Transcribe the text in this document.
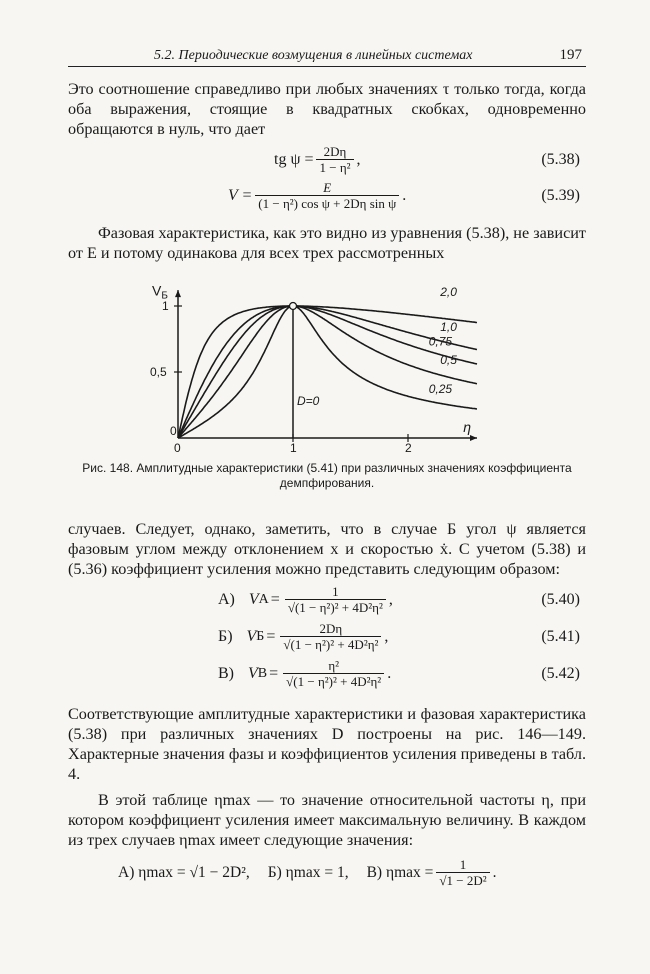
5.2. Периодические возмущения в линейных системах	197

Это соотношение справедливо при любых значениях τ только тогда, когда оба выражения, стоящие в квадратных скобках, одновременно обращаются в нуль, что дает

tg $\psi = \frac{2D\eta}{\text{1 − η²}}$ ,	(5.38)
$V = \frac{E}{\text{(1 − η²) cos ψ + 2Dη sin ψ}}$ .	(5.39)

Фазовая характеристика, как это видно из уравнения (5.38), не зависит от E и потому одинакова для всех трех рассмотренных

1
0,5
1	2
0
0
$V_Б$
η
2,0
1,0
0,75
0,5
0,25
D=0
Рис. 148. Амплитудные характеристики (5.41) при различных значениях коэффициента демпфирования.

случаев. Следует, однако, заметить, что в случае Б угол ψ является фазовым углом между отклонением x и скоростью ẋ. С учетом (5.38) и (5.36) коэффициент усиления можно представить следующим образом:

А) V $А = \frac{1}{\text{√(1 − η²)² + 4D²η²}}$ ,	(5.40)
Б) V $Б = \frac{2D\eta}{\text{√(1 − η²)² + 4D²η²}}$ ,	(5.41)
В) V $В = \frac{\text{η²}}{\text{√(1 − η²)² + 4D²η²}}$ .	(5.42)

Соответствующие амплитудные характеристики и фазовая характеристика (5.38) при различных значениях D построены на рис. 146—149. Характерные значения фазы и коэффициентов усиления приведены в табл. 4.

В этой таблице ηmax — то значение относительной частоты η, при котором коэффициент усиления имеет максимальную величину. В каждом из трех случаев ηmax имеет следующие значения:

А) ηmax = √1 − 2D², Б) ηmax = 1, В) $\eta\max = \frac{1}{\text{√1 − 2D²}}$ .
